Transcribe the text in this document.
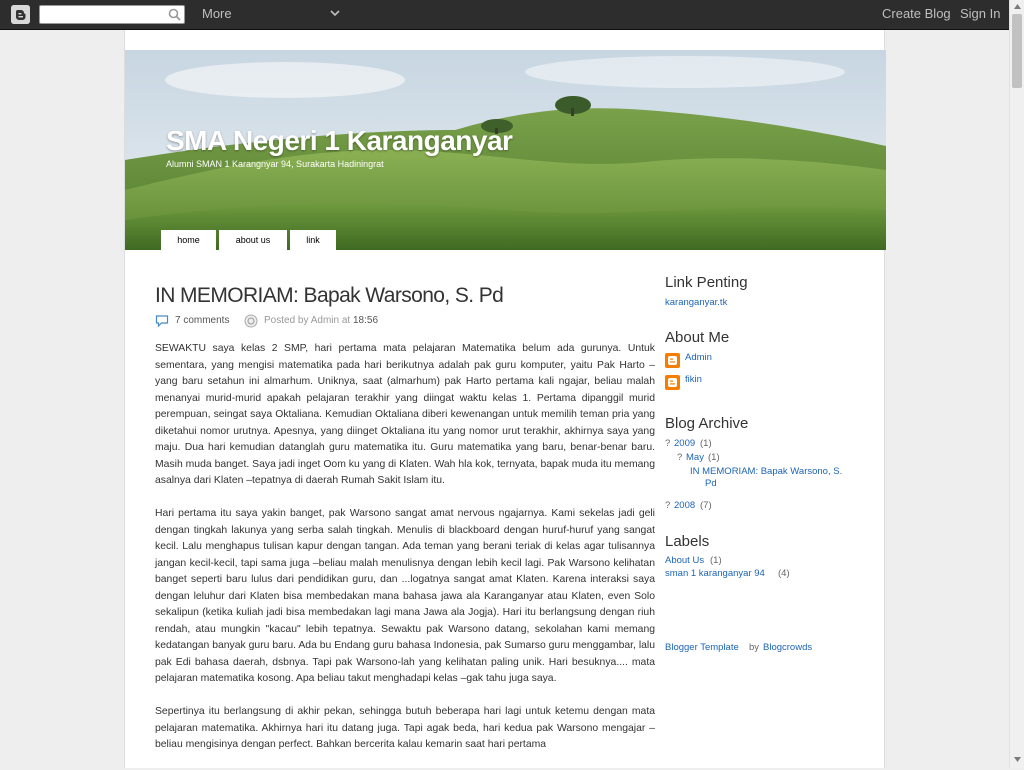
More	Create Blog Sign In
SMA Negeri 1 Karanganyar
Alumni SMAN 1 Karangnyar 94, Surakarta Hadiningrat
home	about us	link
IN MEMORIAM: Bapak Warsono, S. Pd
7 comments	Posted by Admin at 18:56

SEWAKTU saya kelas 2 SMP, hari pertama mata pelajaran Matematika belum ada gurunya. Untuk sementara, yang mengisi matematika pada hari berikutnya adalah pak guru komputer, yaitu Pak Harto –yang baru setahun ini almarhum. Uniknya, saat (almarhum) pak Harto pertama kali ngajar, beliau malah menanyai murid-murid apakah pelajaran terakhir yang diingat waktu kelas 1. Pertama dipanggil murid perempuan, seingat saya Oktaliana. Kemudian Oktaliana diberi kewenangan untuk memilih teman pria yang diketahui nomor urutnya. Apesnya, yang diinget Oktaliana itu yang nomor urut terakhir, akhirnya saya yang maju. Dua hari kemudian datanglah guru matematika itu. Guru matematika yang baru, benar-benar baru. Masih muda banget. Saya jadi inget Oom ku yang di Klaten. Wah hla kok, ternyata, bapak muda itu memang asalnya dari Klaten –tepatnya di daerah Rumah Sakit Islam itu.

Hari pertama itu saya yakin banget, pak Warsono sangat amat nervous ngajarnya. Kami sekelas jadi geli dengan tingkah lakunya yang serba salah tingkah. Menulis di blackboard dengan huruf-huruf yang sangat kecil. Lalu menghapus tulisan kapur dengan tangan. Ada teman yang berani teriak di kelas agar tulisannya jangan kecil-kecil, tapi sama juga –beliau malah menulisnya dengan lebih kecil lagi. Pak Warsono kelihatan banget seperti baru lulus dari pendidikan guru, dan ...logatnya sangat amat Klaten. Karena interaksi saya dengan leluhur dari Klaten bisa membedakan mana bahasa jawa ala Karanganyar atau Klaten, even Solo sekalipun (ketika kuliah jadi bisa membedakan lagi mana Jawa ala Jogja). Hari itu berlangsung dengan riuh rendah, atau mungkin "kacau" lebih tepatnya. Sewaktu pak Warsono datang, sekolahan kami memang kedatangan banyak guru baru. Ada bu Endang guru bahasa Indonesia, pak Sumarso guru menggambar, lalu pak Edi bahasa daerah, dsbnya. Tapi pak Warsono-lah yang kelihatan paling unik. Hari besuknya.... mata pelajaran matematika kosong. Apa beliau takut menghadapi kelas –gak tahu juga saya.

Sepertinya itu berlangsung di akhir pekan, sehingga butuh beberapa hari lagi untuk ketemu dengan mata pelajaran matematika. Akhirnya hari itu datang juga. Tapi agak beda, hari kedua pak Warsono mengajar –beliau mengisinya dengan perfect. Bahkan bercerita kalau kemarin saat hari pertama

Link Penting
karanganyar.tk
About Me
Admin
fikin
Blog Archive
? 2009 (1)
? May (1)
IN MEMORIAM: Bapak Warsono, S.
Pd
? 2008 (7)
Labels
About Us (1)
sman 1 karanganyar 94 (4)
Blogger Template by Blogcrowds
